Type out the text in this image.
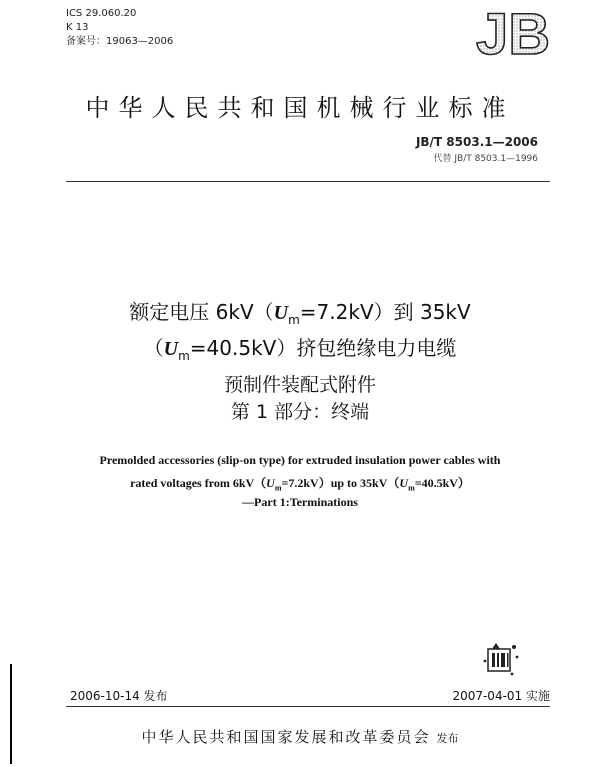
ICS 29.060.20
K 13
备案号：19063—2006	JB
中华人民共和国机械行业标准
JB/T 8503.1—2006
代替 JB/T 8503.1—1996
额定电压 $6kV(U_m=7.2kV)$到 35kV
$(U_m=40.5kV)$挤包绝缘电力电缆
预制件装配式附件
第 1 部分：终端
Premolded accessories (slip-on type) for extruded insulation power cables with
rated voltages from $6kV(U_m=7.2kV)up$ to $35kV(U_m=40.5kV)$
—Part 1:Terminations
2006-10-14 发布	2007-04-01 实施
中华人民共和国国家发展和改革委员会 发布
